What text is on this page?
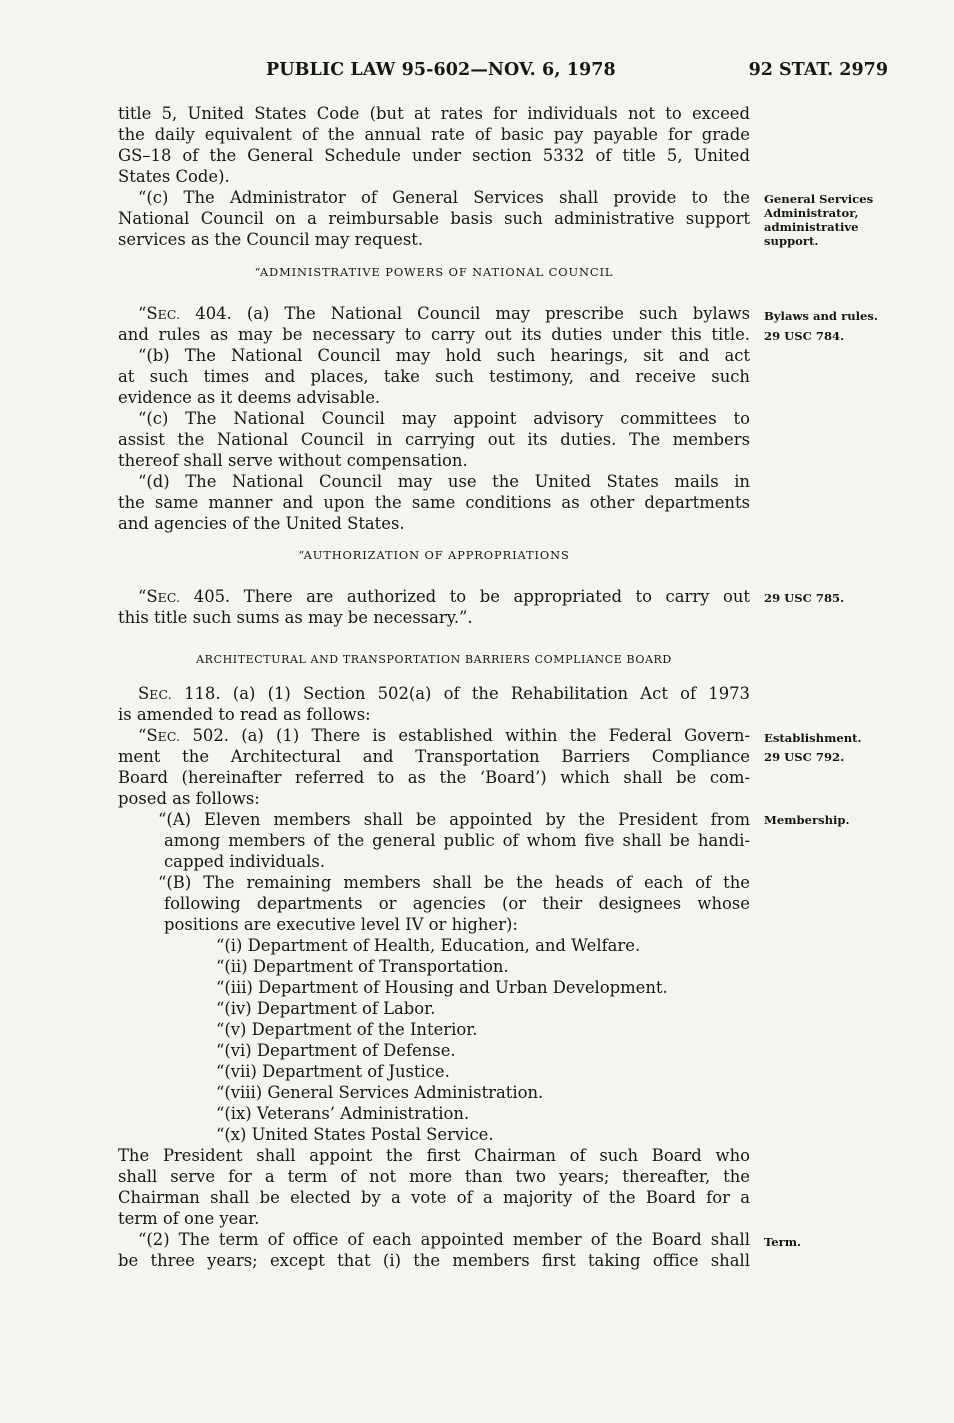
PUBLIC LAW 95-602—NOV. 6, 1978	92 STAT. 2979
title 5, United States Code (but at rates for individuals not to exceed
the daily equivalent of the annual rate of basic pay payable for grade
GS–18 of the General Schedule under section 5332 of title 5, United
States Code).
“(c) The Administrator of General Services shall provide to the
National Council on a reimbursable basis such administrative support
services as the Council may request.
“ADMINISTRATIVE POWERS OF NATIONAL COUNCIL
“SEC. 404. (a) The National Council may prescribe such bylaws
and rules as may be necessary to carry out its duties under this title.
“(b) The National Council may hold such hearings, sit and act
at such times and places, take such testimony, and receive such
evidence as it deems advisable.
“(c) The National Council may appoint advisory committees to
assist the National Council in carrying out its duties. The members
thereof shall serve without compensation.
“(d) The National Council may use the United States mails in
the same manner and upon the same conditions as other departments
and agencies of the United States.
“AUTHORIZATION OF APPROPRIATIONS
“SEC. 405. There are authorized to be appropriated to carry out
this title such sums as may be necessary.”.
ARCHITECTURAL AND TRANSPORTATION BARRIERS COMPLIANCE BOARD
SEC. 118. (a) (1) Section 502(a) of the Rehabilitation Act of 1973
is amended to read as follows:
“SEC. 502. (a) (1) There is established within the Federal Govern-
ment the Architectural and Transportation Barriers Compliance
Board (hereinafter referred to as the ‘Board’) which shall be com-
posed as follows:
“(A) Eleven members shall be appointed by the President from
among members of the general public of whom five shall be handi-
capped individuals.
“(B) The remaining members shall be the heads of each of the
following departments or agencies (or their designees whose
positions are executive level IV or higher):
“(i) Department of Health, Education, and Welfare.
“(ii) Department of Transportation.
“(iii) Department of Housing and Urban Development.
“(iv) Department of Labor.
“(v) Department of the Interior.
“(vi) Department of Defense.
“(vii) Department of Justice.
“(viii) General Services Administration.
“(ix) Veterans’ Administration.
“(x) United States Postal Service.
The President shall appoint the first Chairman of such Board who
shall serve for a term of not more than two years; thereafter, the
Chairman shall be elected by a vote of a majority of the Board for a
term of one year.
“(2) The term of office of each appointed member of the Board shall
be three years; except that (i) the members first taking office shall
General Services
Administrator,
administrative
support.
Bylaws and rules.
29 USC 784.
29 USC 785.
Establishment.
29 USC 792.
Membership.
Term.
